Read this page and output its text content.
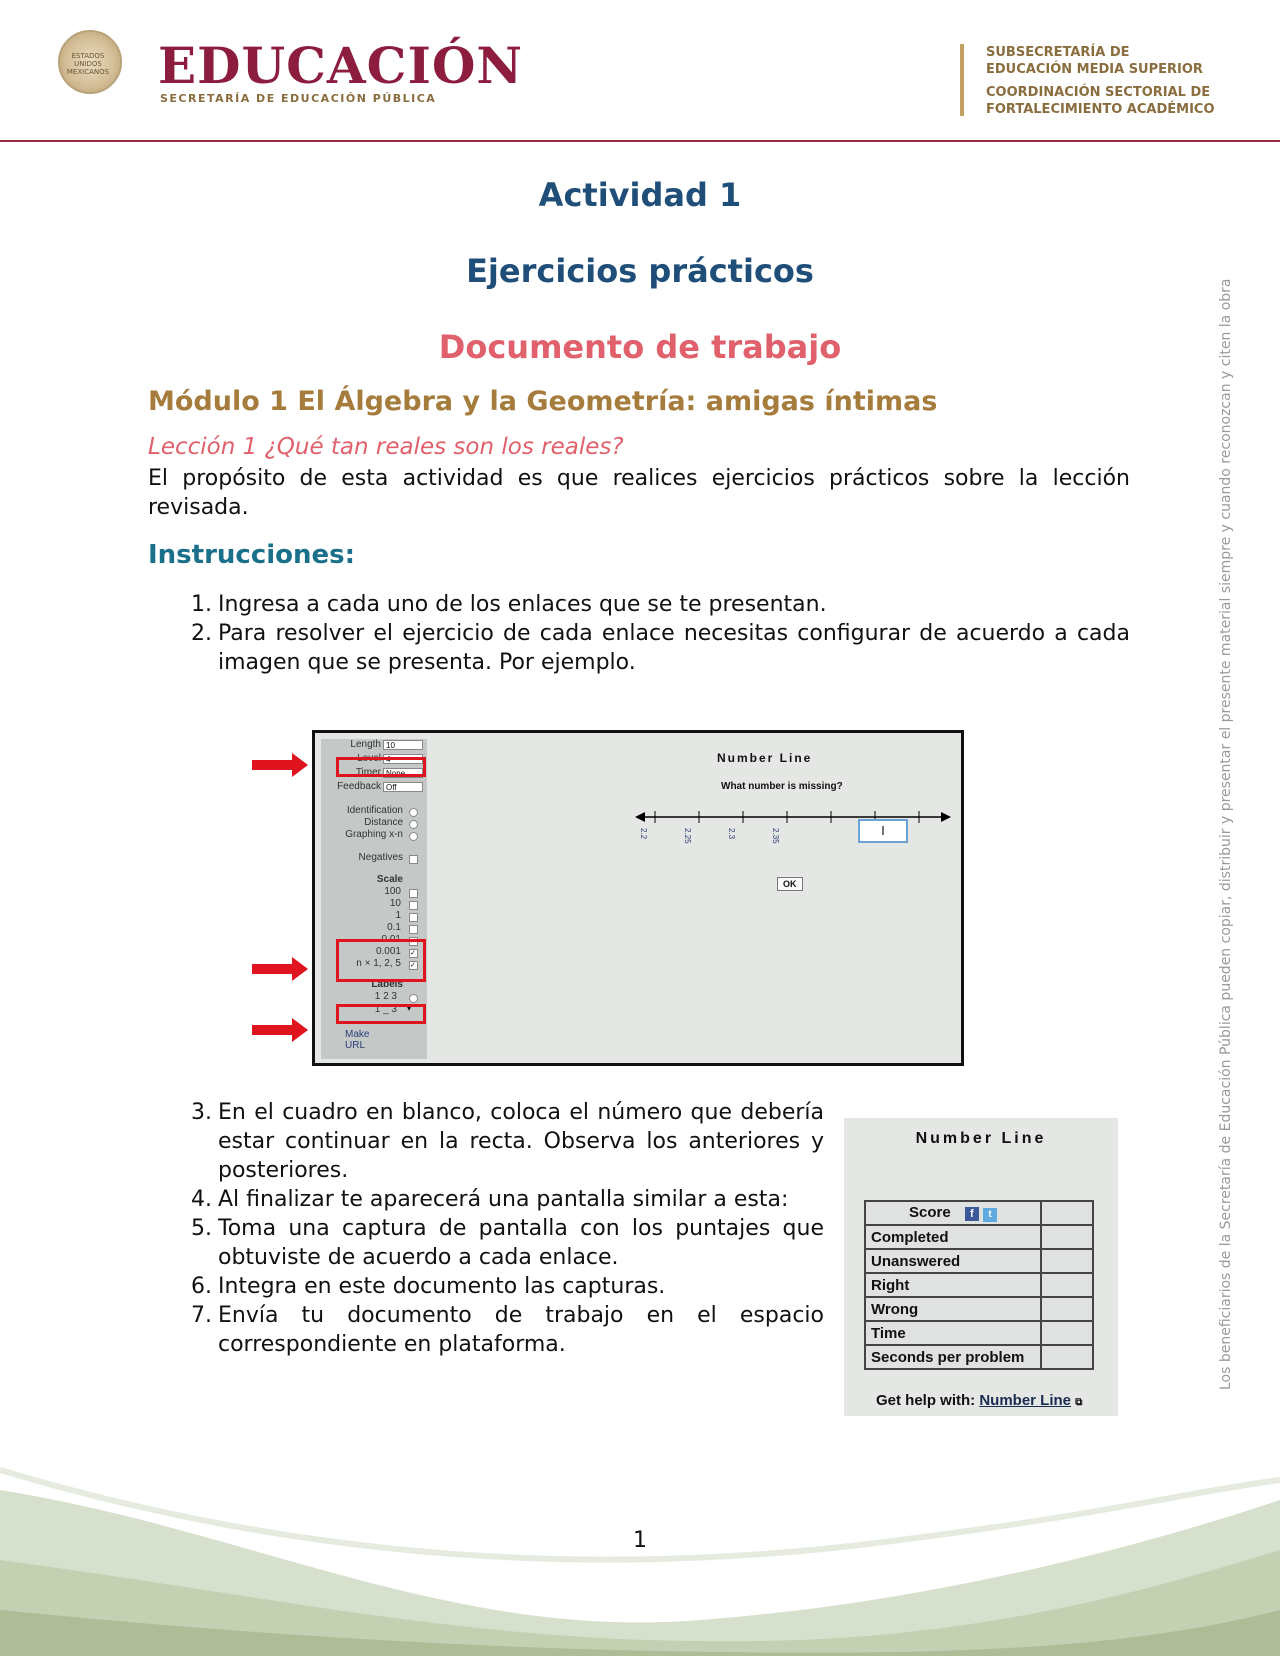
ESTADOS UNIDOS MEXICANOS EDUCACIÓN
SECRETARÍA DE EDUCACIÓN PÚBLICA
SUBSECRETARÍA DE
EDUCACIÓN MEDIA SUPERIOR
COORDINACIÓN SECTORIAL DE
FORTALECIMIENTO ACADÉMICO
Actividad 1
Ejercicios prácticos
Documento de trabajo
Módulo 1 El Álgebra y la Geometría: amigas íntimas
Lección 1 ¿Qué tan reales son los reales?
El propósito de esta actividad es que realices ejercicios prácticos sobre la lección revisada.
Instrucciones:
1. Ingresa a cada uno de los enlaces que se te presentan.
2. Para resolver el ejercicio de cada enlace necesitas configurar de acuerdo a cada imagen que se presenta. Por ejemplo.
Length 10
Level 4
Timer None
Feedback Off
Identification
Distance
Graphing x-n
Negatives
Scale
100
10
1
0.1
0.01 ✓
0.001 ✓
n × 1, 2, 5 ✓
Labels
1 2 3
1 _ 3 ▾
Make URL
Number Line
What number is missing?
2.2	2.25	2.3	2.35	I
OK
3. En el cuadro en blanco, coloca el número que debería estar continuar en la recta. Observa los anteriores y posteriores.
4. Al finalizar te aparecerá una pantalla similar a esta:
5. Toma una captura de pantalla con los puntajes que obtuviste de acuerdo a cada enlace.
6. Integra en este documento las capturas.
7. Envía tu documento de trabajo en el espacio correspondiente en plataforma.
Number Line
Score f t	
Completed	
Unanswered	
Right	
Wrong	
Time	
Seconds per problem	
Get help with: Number Line ⧉
Los beneficiarios de la Secretaría de Educación Pública pueden copiar, distribuir y presentar el presente material siempre y cuando reconozcan y citen la obra
1
